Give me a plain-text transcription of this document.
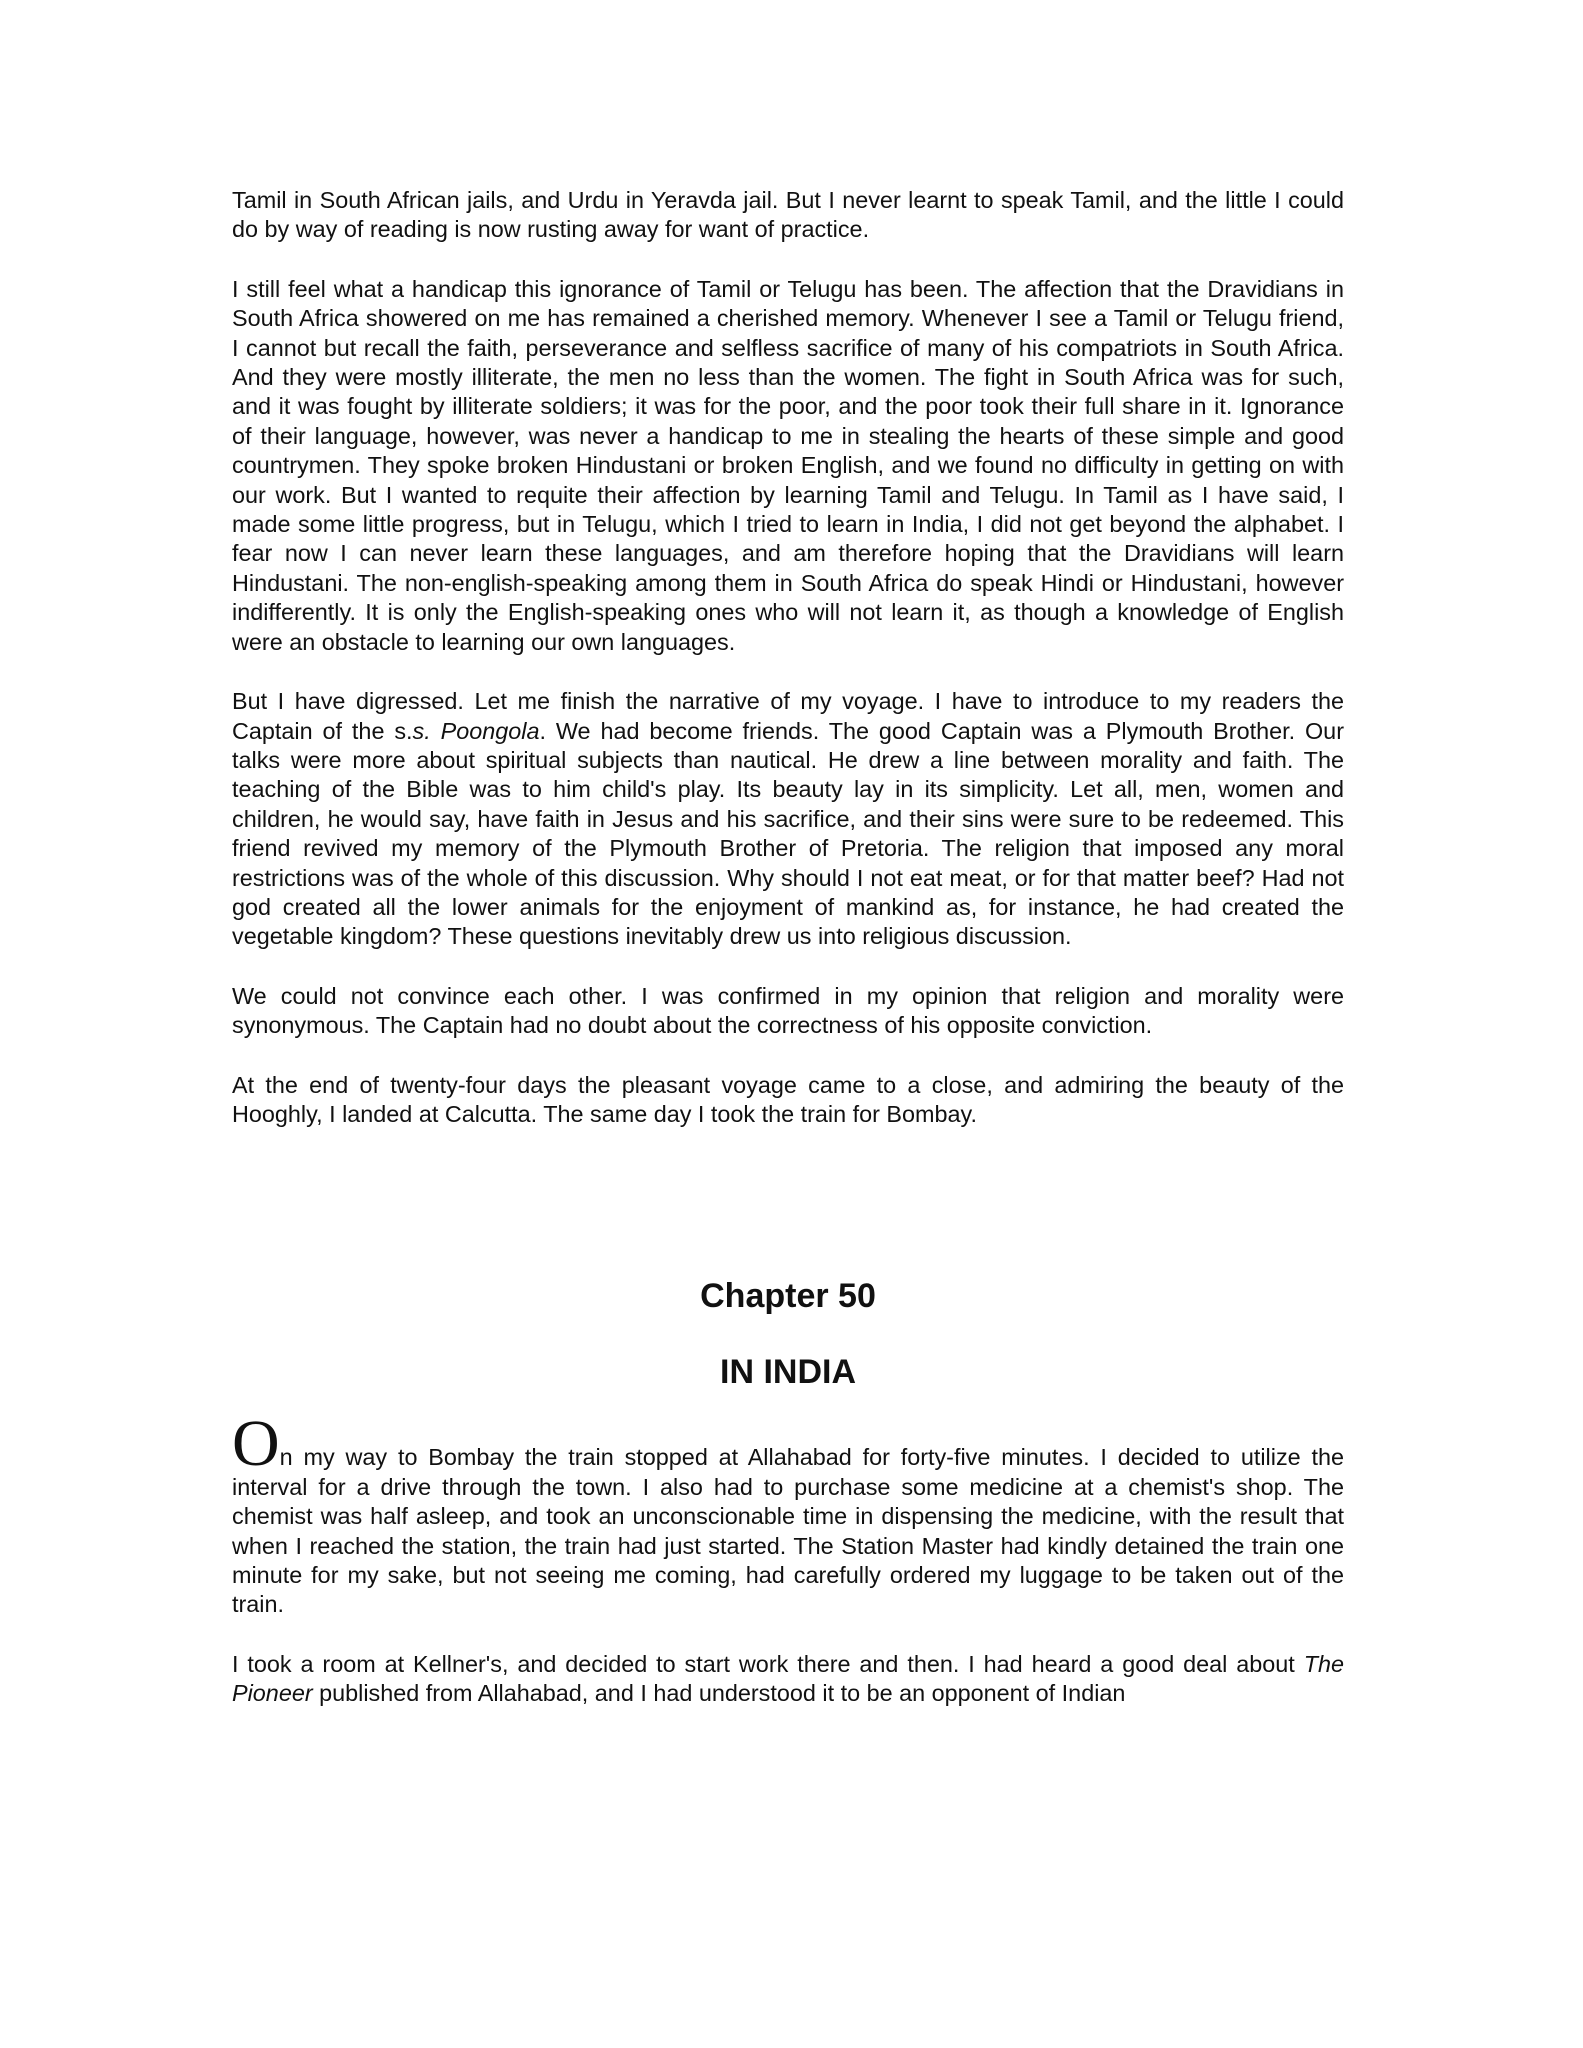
Tamil in South African jails, and Urdu in Yeravda jail. But I never learnt to speak Tamil, and the little I could do by way of reading is now rusting away for want of practice.

I still feel what a handicap this ignorance of Tamil or Telugu has been. The affection that the Dravidians in South Africa showered on me has remained a cherished memory. Whenever I see a Tamil or Telugu friend, I cannot but recall the faith, perseverance and selfless sacrifice of many of his compatriots in South Africa. And they were mostly illiterate, the men no less than the women. The fight in South Africa was for such, and it was fought by illiterate soldiers; it was for the poor, and the poor took their full share in it. Ignorance of their language, however, was never a handicap to me in stealing the hearts of these simple and good countrymen. They spoke broken Hindustani or broken English, and we found no difficulty in getting on with our work. But I wanted to requite their affection by learning Tamil and Telugu. In Tamil as I have said, I made some little progress, but in Telugu, which I tried to learn in India, I did not get beyond the alphabet. I fear now I can never learn these languages, and am therefore hoping that the Dravidians will learn Hindustani. The non-english-speaking among them in South Africa do speak Hindi or Hindustani, however indifferently. It is only the English-speaking ones who will not learn it, as though a knowledge of English were an obstacle to learning our own languages.

But I have digressed. Let me finish the narrative of my voyage. I have to introduce to my readers the Captain of the s.s. Poongola. We had become friends. The good Captain was a Plymouth Brother. Our talks were more about spiritual subjects than nautical. He drew a line between morality and faith. The teaching of the Bible was to him child's play. Its beauty lay in its simplicity. Let all, men, women and children, he would say, have faith in Jesus and his sacrifice, and their sins were sure to be redeemed. This friend revived my memory of the Plymouth Brother of Pretoria. The religion that imposed any moral restrictions was of the whole of this discussion. Why should I not eat meat, or for that matter beef? Had not god created all the lower animals for the enjoyment of mankind as, for instance, he had created the vegetable kingdom? These questions inevitably drew us into religious discussion.

We could not convince each other. I was confirmed in my opinion that religion and morality were synonymous. The Captain had no doubt about the correctness of his opposite conviction.

At the end of twenty-four days the pleasant voyage came to a close, and admiring the beauty of the Hooghly, I landed at Calcutta. The same day I took the train for Bombay.

Chapter 50
IN INDIA

On my way to Bombay the train stopped at Allahabad for forty-five minutes. I decided to utilize the interval for a drive through the town. I also had to purchase some medicine at a chemist's shop. The chemist was half asleep, and took an unconscionable time in dispensing the medicine, with the result that when I reached the station, the train had just started. The Station Master had kindly detained the train one minute for my sake, but not seeing me coming, had carefully ordered my luggage to be taken out of the train.

I took a room at Kellner's, and decided to start work there and then. I had heard a good deal about The Pioneer published from Allahabad, and I had understood it to be an opponent of Indian
